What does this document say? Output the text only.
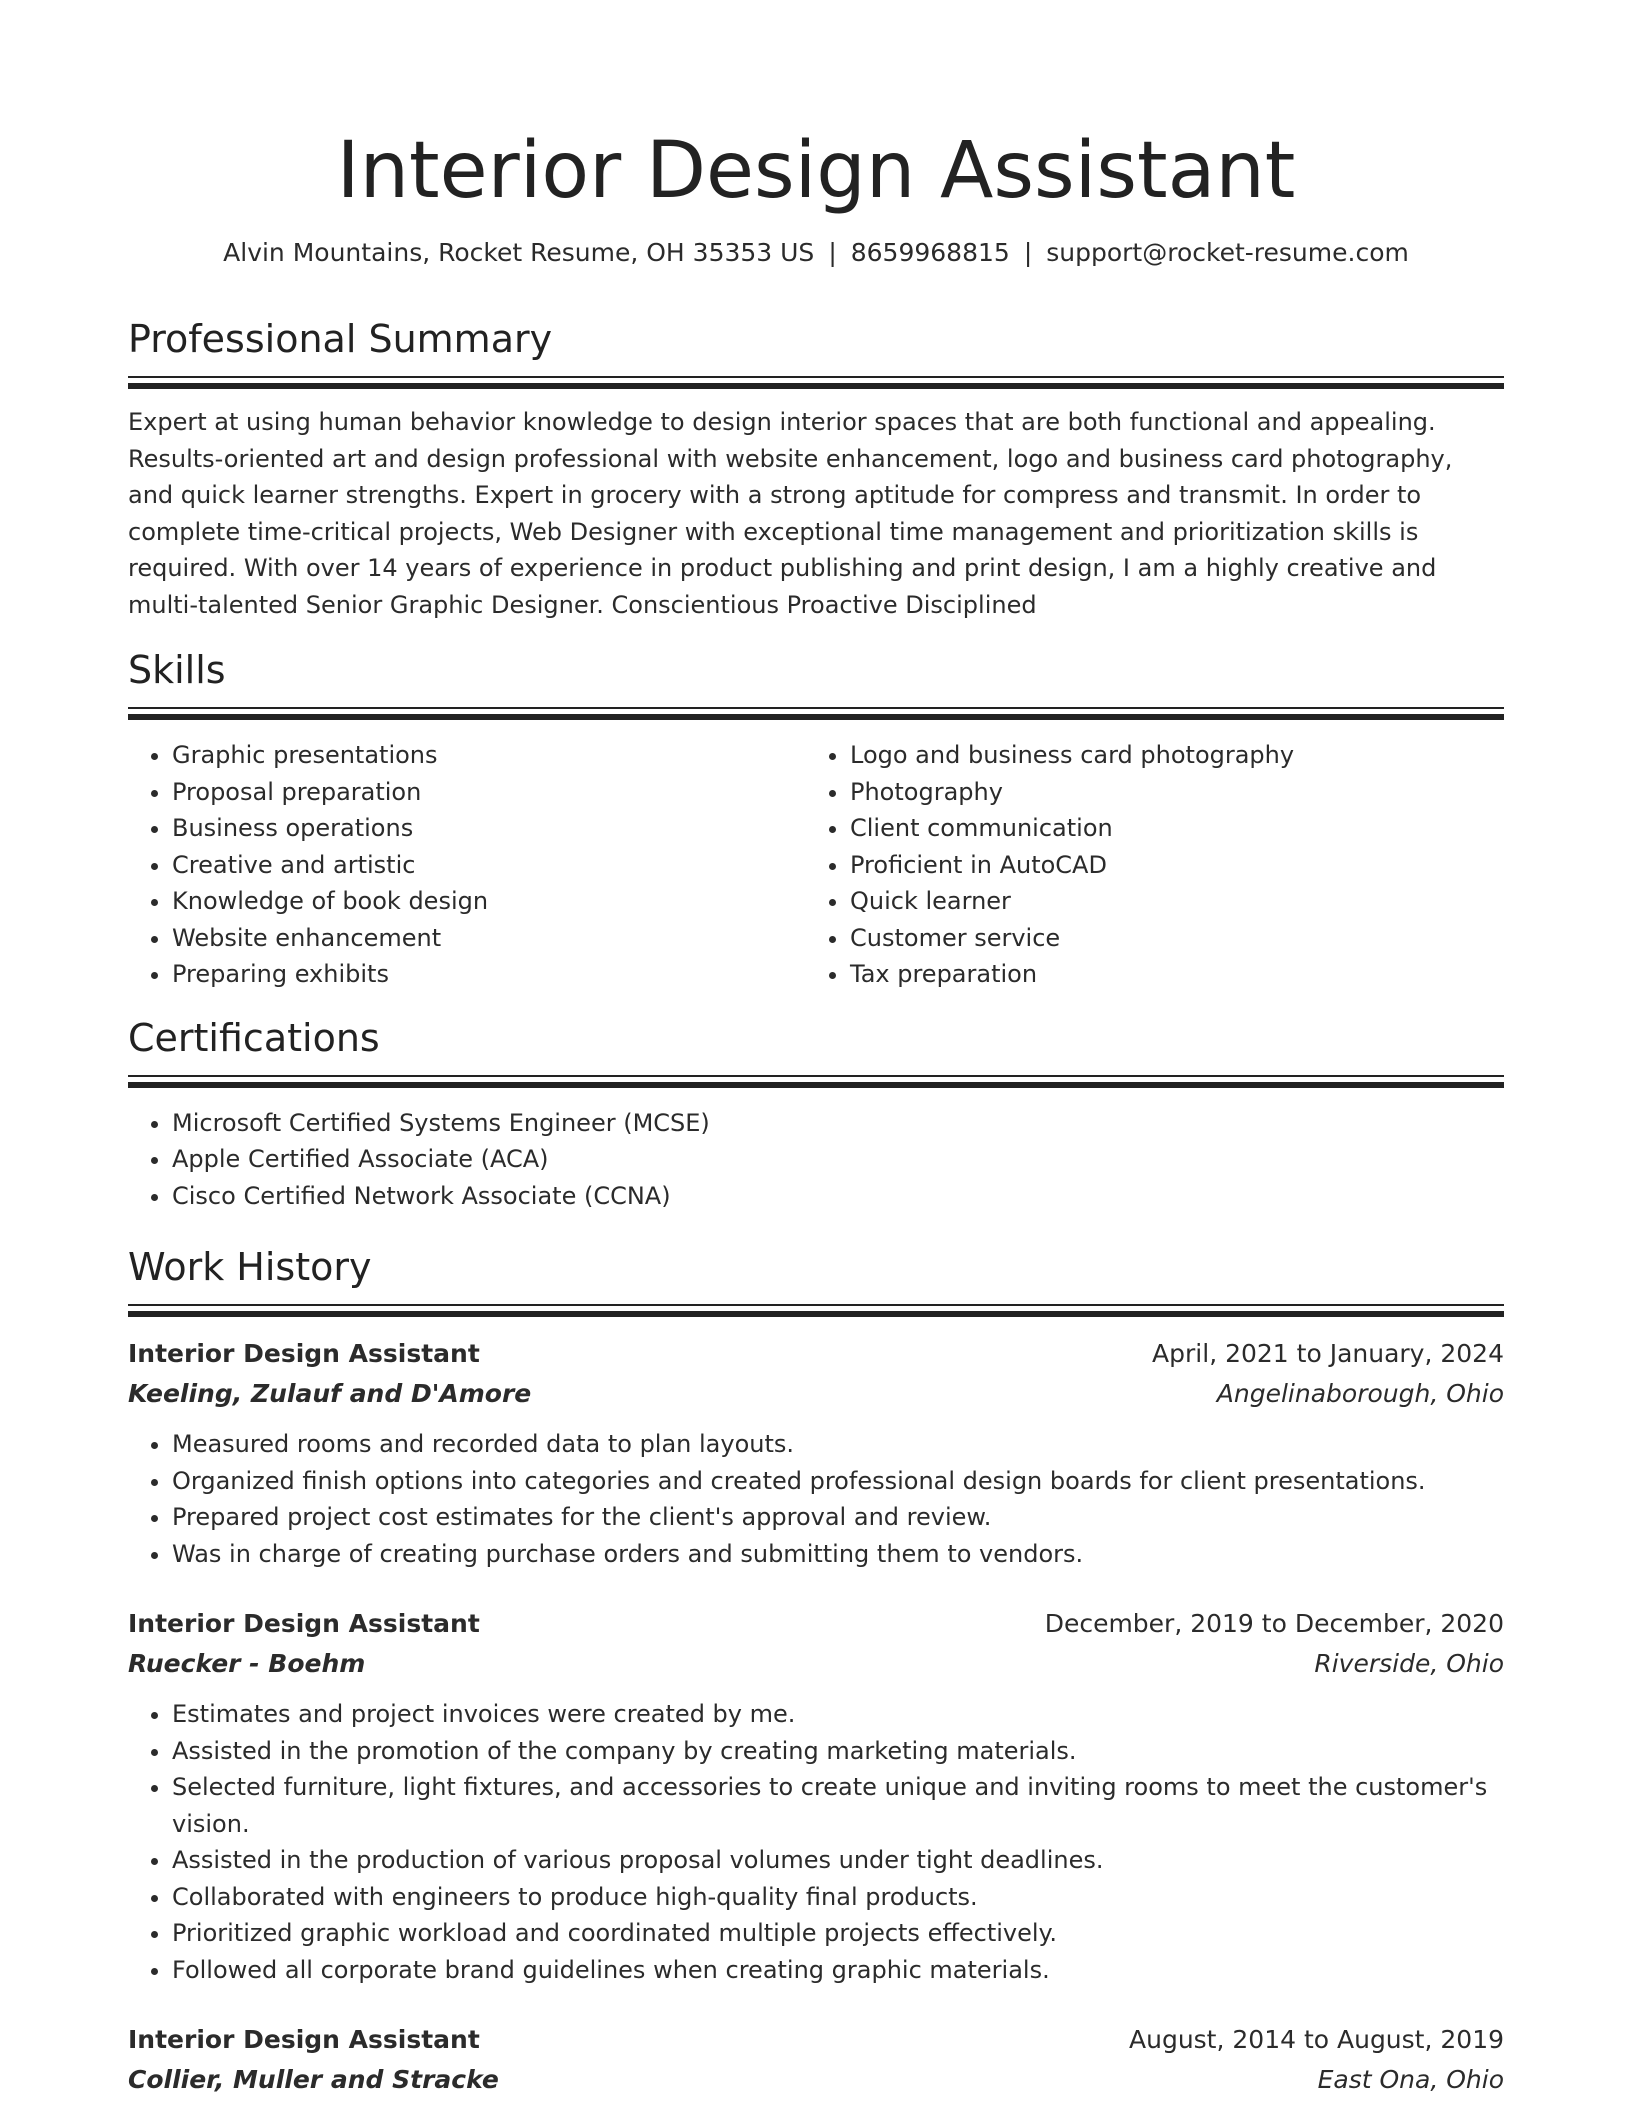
Interior Design Assistant
Alvin Mountains, Rocket Resume, OH 35353 US | 8659968815 | support@rocket-resume.com
Professional Summary

Expert at using human behavior knowledge to design interior spaces that are both functional and appealing. Results-oriented art and design professional with website enhancement, logo and business card photography, and quick learner strengths. Expert in grocery with a strong aptitude for compress and transmit. In order to complete time-critical projects, Web Designer with exceptional time management and prioritization skills is required. With over 14 years of experience in product publishing and print design, I am a highly creative and multi-talented Senior Graphic Designer. Conscientious Proactive Disciplined

Skills
• Graphic presentations
• Proposal preparation
• Business operations
• Creative and artistic
• Knowledge of book design
• Website enhancement
• Preparing exhibits
• Logo and business card photography
• Photography
• Client communication
• Proficient in AutoCAD
• Quick learner
• Customer service
• Tax preparation
Certifications
• Microsoft Certified Systems Engineer (MCSE)
• Apple Certified Associate (ACA)
• Cisco Certified Network Associate (CCNA)
Work History
Interior Design Assistant	April, 2021 to January, 2024
Keeling, Zulauf and D'Amore	Angelinaborough, Ohio
• Measured rooms and recorded data to plan layouts.
• Organized finish options into categories and created professional design boards for client presentations.
• Prepared project cost estimates for the client's approval and review.
• Was in charge of creating purchase orders and submitting them to vendors.
Interior Design Assistant	December, 2019 to December, 2020
Ruecker - Boehm	Riverside, Ohio
• Estimates and project invoices were created by me.
• Assisted in the promotion of the company by creating marketing materials.
• Selected furniture, light fixtures, and accessories to create unique and inviting rooms to meet the customer's vision.
• Assisted in the production of various proposal volumes under tight deadlines.
• Collaborated with engineers to produce high-quality final products.
• Prioritized graphic workload and coordinated multiple projects effectively.
• Followed all corporate brand guidelines when creating graphic materials.
Interior Design Assistant	August, 2014 to August, 2019
Collier, Muller and Stracke	East Ona, Ohio
